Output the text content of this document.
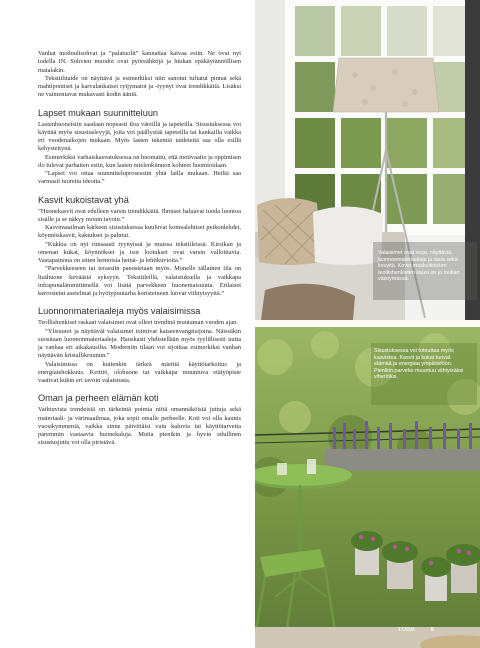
Vanhat moduulisohvat ja ”palatuolit” kannattaa kaivaa esiin. Ne ovat nyt todella IN. Sohvien muodot ovat pyöreähköjä ja hiukan epäkäytännöllisen matalakin.

Tekstiilitaide on näyttävä ja esimerkiksi niin sanotut tuftatut pinnat sekä mahtipontiset ja karvalankaiset ryijymatot ja -tyynyt ovat trendikkäitä. Lisäksi ne vaimentavat mukavasti kodin ääniä.

Lapset mukaan suunnitteluun

Lastenhuoneisiin saadaan nopeasti iloa väreillä ja tapeteilla. Sisustuksessa voi käyttää myös sisustuslevyjä, joita voi päällystää tapeteilla tai kankailla vaikka eri vuodenaikojen mukaan. Myös lasten tekemiä taideteitä saa olla esillä kehystettynä.

Esimerkiksi varhaiskasvatuksessa on huomattu, että motivaatio ja oppimisen ilo tulevat parhaiten esiin, kun lasten mielenkiinnon kohteet huomioidaan.

”Lapset voi ottaa suunnitteluprosessiin yhtä lailla mukaan. Heiltä saa varmasti tuoreita ideoita.”

Kasvit kukoistavat yhä

”Huonekasvit ovat edelleen varsin trendikkäitä. Ihmiset haluavat tuoda luontoa sisälle ja se näkyy monin tavoin.”

Kasvimaailman kärkeen sisustuksessa kuuluvat komealehtiset peikonlehdet, köynnöskasvit, kaktukset ja palmut.

”Kukkia on nyt runsaasti tyynyissä ja muissa tekstiileissä. Kirsikan ja omenan kukat, köynnökset ja isot lootukset ovat varsin valloittavia. Vastapainona on sitten hentoisia heinä- ja lehtikuvioita.”

”Parvekkeeseen tai terassiin panostetaan myös. Monelle tällainen tila on lisähuone keväästä syksyyn. Tekstiileillä, valaistuksella ja vaikkapa infrapunalämmittimellä voi lisätä parvekkeen huonemaisuutta. Erilaiset kerrostetut asetelmat ja hyötypuutarha koristeineen luovat viihtyisyyttä.”

Luonnonmateriaaleja myös valaisimissa

Teollishenkiset raskaat valaisimet ovat olleet trendinä muutaman vuoden ajan.

”Ylisuuret ja näyttävät valaisimet toimivat katseenvangitsijoina. Näissäkin suositaan luonnonmateriaaleja. Hauskasti yhdistellään myös tyylillisesti uutta ja vanhaa eri aikakausilta. Moderniin tilaan voi sijoittaa esimerkiksi vanhan näyttävän kristallikruunun.”

Valaisimissa on kuitenkin tärkeä miettiä käyttötarkoitus ja energiatehokkuus. Keittiö, olohuone tai vaikkapa muuntuva etätyöpiste vaativat kukin eri tavoin valaistusta.

Oman ja perheen elämän koti

Vaihtuvista trendeistä on tärkeintä poimia niitä omannäköisiä juttuja sekä materiaali- ja värimaailmaa, joka sopii omalle perheelle. Koti voi olla kaunis vuosikymmeniä, vaikka sinne päivittäisi vain kaluvia tai käyttötarvetta paremmin vastaavia huonekaluja. Mutta pienikin ja hyvin edullinen sisustusjuttu voi olla piristävä.

Valaisimet ovat isoja, näyttäviä, luonnonmateriaaleja ja lasia sekä kevyitä. Kovin maskuliinisten teollishenkisten kausi on jo hiukan väistymässä.
Sisustuksessa voi toteuttaa myös kasvistoa. Kasvit ja kukat tuovat elämää ja energiaa ympäristöön. Pienikin parveke muuntuu viihtyisäksi viheriöksi.
TOIMI	9
